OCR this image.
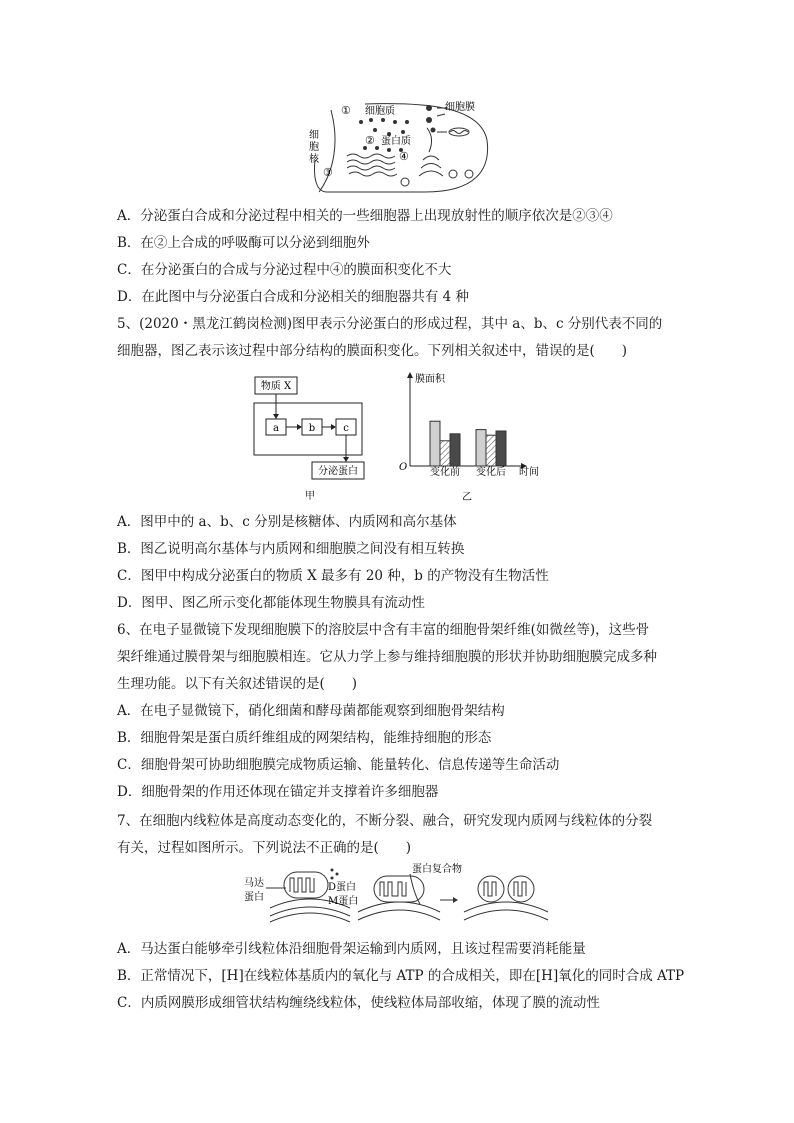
① 细胞质	细胞膜
细
胞
核
② 蛋白质
③
④
A．分泌蛋白合成和分泌过程中相关的一些细胞器上出现放射性的顺序依次是②③④
B．在②上合成的呼吸酶可以分泌到细胞外
C．在分泌蛋白的合成与分泌过程中④的膜面积变化不大
D．在此图中与分泌蛋白合成和分泌相关的细胞器共有 4 种
5、(2020・黑龙江鹤岗检测)图甲表示分泌蛋白的形成过程，其中 a、b、c 分别代表不同的
细胞器，图乙表示该过程中部分结构的膜面积变化。下列相关叙述中，错误的是(　　)
物质 X
a	b	c
分泌蛋白
甲
膜面积
O 变化前 变化后 时间
乙
A．图甲中的 a、b、c 分别是核糖体、内质网和高尔基体
B．图乙说明高尔基体与内质网和细胞膜之间没有相互转换
C．图甲中构成分泌蛋白的物质 X 最多有 20 种，b 的产物没有生物活性
D．图甲、图乙所示变化都能体现生物膜具有流动性
6、在电子显微镜下发现细胞膜下的溶胶层中含有丰富的细胞骨架纤维(如微丝等)，这些骨
架纤维通过膜骨架与细胞膜相连。它从力学上参与维持细胞膜的形状并协助细胞膜完成多种
生理功能。以下有关叙述错误的是(　　)
A．在电子显微镜下，硝化细菌和酵母菌都能观察到细胞骨架结构
B．细胞骨架是蛋白质纤维组成的网架结构，能维持细胞的形态
C．细胞骨架可协助细胞膜完成物质运输、能量转化、信息传递等生命活动
D．细胞骨架的作用还体现在锚定并支撑着许多细胞器
7、在细胞内线粒体是高度动态变化的，不断分裂、融合，研究发现内质网与线粒体的分裂
有关，过程如图所示。下列说法不正确的是(　　)
马达
蛋白
D蛋白
M蛋白
蛋白复合物
A．马达蛋白能够牵引线粒体沿细胞骨架运输到内质网，且该过程需要消耗能量
B．正常情况下，[H]在线粒体基质内的氧化与 ATP 的合成相关，即在[H]氧化的同时合成 ATP
C．内质网膜形成细管状结构缠绕线粒体，使线粒体局部收缩，体现了膜的流动性
